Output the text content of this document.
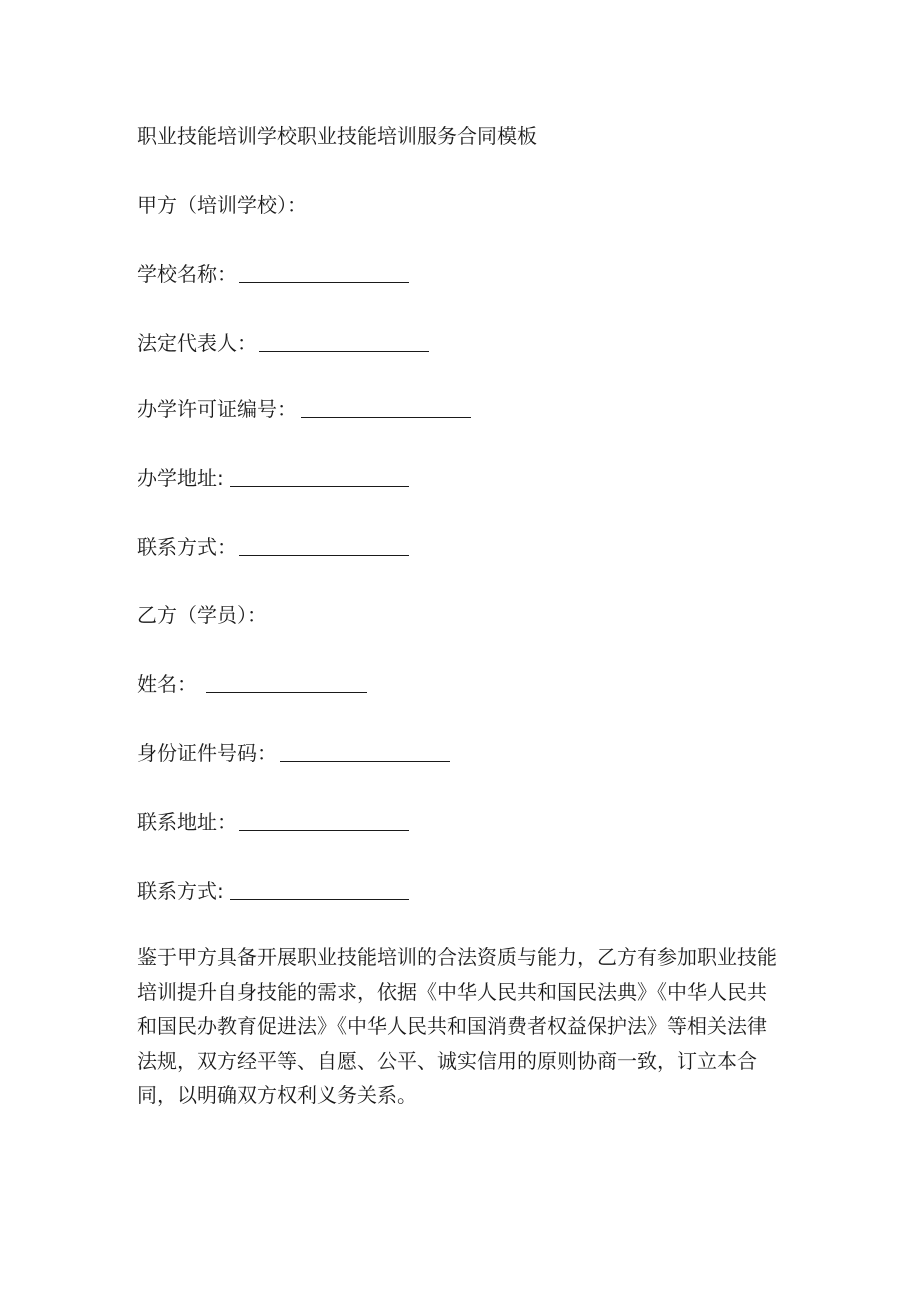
职业技能培训学校职业技能培训服务合同模板
甲方（培训学校）：
学校名称：
法定代表人：
办学许可证编号：
办学地址:
联系方式：
乙方（学员）：
姓名：
身份证件号码：
联系地址：
联系方式:
鉴于甲方具备开展职业技能培训的合法资质与能力，乙方有参加职业技能
培训提升自身技能的需求，依据《中华人民共和国民法典》《中华人民共
和国民办教育促进法》《中华人民共和国消费者权益保护法》等相关法律
法规，双方经平等、自愿、公平、诚实信用的原则协商一致，订立本合
同，以明确双方权利义务关系。
